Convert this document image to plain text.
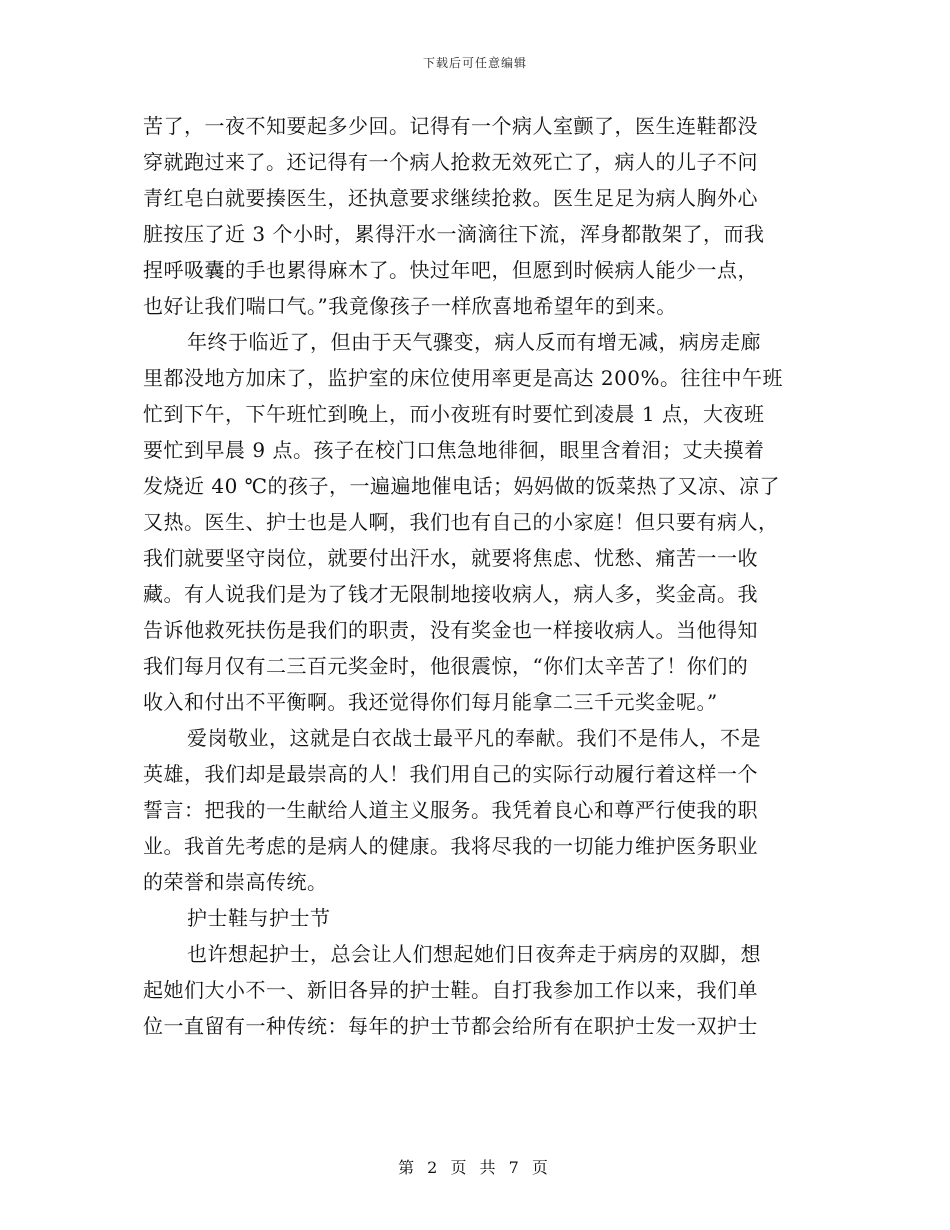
下载后可任意编辑
苦了，一夜不知要起多少回。记得有一个病人室颤了，医生连鞋都没
穿就跑过来了。还记得有一个病人抢救无效死亡了，病人的儿子不问
青红皂白就要揍医生，还执意要求继续抢救。医生足足为病人胸外心
脏按压了近 3 个小时，累得汗水一滴滴往下流，浑身都散架了，而我
捏呼吸囊的手也累得麻木了。快过年吧，但愿到时候病人能少一点，
也好让我们喘口气。”我竟像孩子一样欣喜地希望年的到来。
年终于临近了，但由于天气骤变，病人反而有增无减，病房走廊
里都没地方加床了，监护室的床位使用率更是高达 200%。往往中午班
忙到下午，下午班忙到晚上，而小夜班有时要忙到凌晨 1 点，大夜班
要忙到早晨 9 点。孩子在校门口焦急地徘徊，眼里含着泪；丈夫摸着
发烧近 40 ℃的孩子，一遍遍地催电话；妈妈做的饭菜热了又凉、凉了
又热。医生、护士也是人啊，我们也有自己的小家庭！但只要有病人，
我们就要坚守岗位，就要付出汗水，就要将焦虑、忧愁、痛苦一一收
藏。有人说我们是为了钱才无限制地接收病人，病人多，奖金高。我
告诉他救死扶伤是我们的职责，没有奖金也一样接收病人。当他得知
我们每月仅有二三百元奖金时，他很震惊，“你们太辛苦了！你们的
收入和付出不平衡啊。我还觉得你们每月能拿二三千元奖金呢。”
爱岗敬业，这就是白衣战士最平凡的奉献。我们不是伟人，不是
英雄，我们却是最崇高的人！我们用自己的实际行动履行着这样一个
誓言：把我的一生献给人道主义服务。我凭着良心和尊严行使我的职
业。我首先考虑的是病人的健康。我将尽我的一切能力维护医务职业
的荣誉和崇高传统。
护士鞋与护士节
也许想起护士，总会让人们想起她们日夜奔走于病房的双脚，想
起她们大小不一、新旧各异的护士鞋。自打我参加工作以来，我们单
位一直留有一种传统：每年的护士节都会给所有在职护士发一双护士
第 2 页 共 7 页
